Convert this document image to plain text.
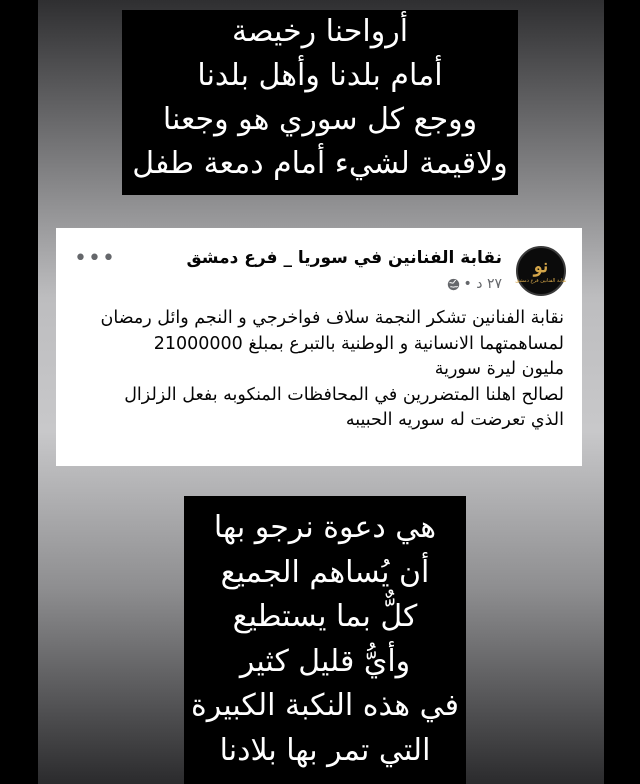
أرواحنا رخيصة
أمام بلدنا وأهل بلدنا
ووجع كل سوري هو وجعنا
ولاقيمة لشيء أمام دمعة طفل
نو
نقابة الفنانين فرع دمشق
نقابة الفنانين في سوريا _ فرع دمشق
٢٧ د •
•••
نقابة الفنانين تشكر النجمة سلاف فواخرجي و النجم وائل رمضان
لمساهمتهما الانسانية و الوطنية بالتبرع بمبلغ 21000000
مليون ليرة سورية
لصالح اهلنا المتضررين في المحافظات المنكوبه بفعل الزلزال
الذي تعرضت له سوريه الحبيبه
هي دعوة نرجو بها
أن يُساهم الجميع
كلٌّ بما يستطيع
وأيُّ قليل كثير
في هذه النكبة الكبيرة
التي تمر بها بلادنا
